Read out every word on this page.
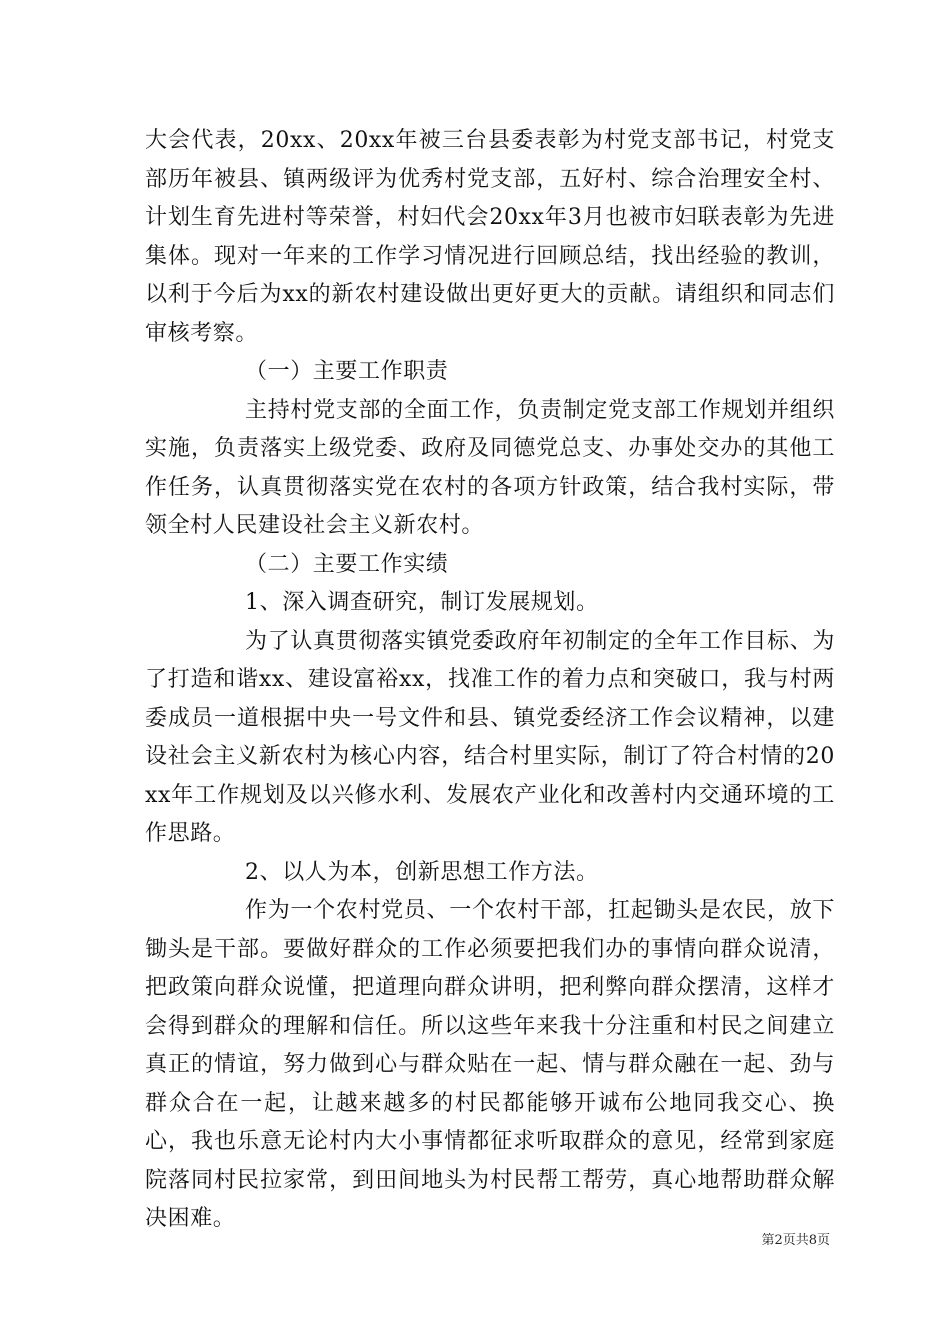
大会代表，20xx、20xx年被三台县委表彰为村党支部书记，村党支部历年被县、镇两级评为优秀村党支部，五好村、综合治理安全村、计划生育先进村等荣誉，村妇代会20xx年3月也被市妇联表彰为先进集体。现对一年来的工作学习情况进行回顾总结，找出经验的教训，以利于今后为xx的新农村建设做出更好更大的贡献。请组织和同志们审核考察。

（一）主要工作职责

主持村党支部的全面工作，负责制定党支部工作规划并组织实施，负责落实上级党委、政府及同德党总支、办事处交办的其他工作任务，认真贯彻落实党在农村的各项方针政策，结合我村实际，带领全村人民建设社会主义新农村。

（二）主要工作实绩

1、深入调查研究，制订发展规划。

为了认真贯彻落实镇党委政府年初制定的全年工作目标、为了打造和谐xx、建设富裕xx，找准工作的着力点和突破口，我与村两委成员一道根据中央一号文件和县、镇党委经济工作会议精神，以建设社会主义新农村为核心内容，结合村里实际，制订了符合村情的20xx年工作规划及以兴修水利、发展农产业化和改善村内交通环境的工作思路。

2、以人为本，创新思想工作方法。

作为一个农村党员、一个农村干部，扛起锄头是农民，放下锄头是干部。要做好群众的工作必须要把我们办的事情向群众说清，把政策向群众说懂，把道理向群众讲明，把利弊向群众摆清，这样才会得到群众的理解和信任。所以这些年来我十分注重和村民之间建立真正的情谊，努力做到心与群众贴在一起、情与群众融在一起、劲与群众合在一起，让越来越多的村民都能够开诚布公地同我交心、换心，我也乐意无论村内大小事情都征求听取群众的意见，经常到家庭院落同村民拉家常，到田间地头为村民帮工帮劳，真心地帮助群众解决困难。

第2页共8页
